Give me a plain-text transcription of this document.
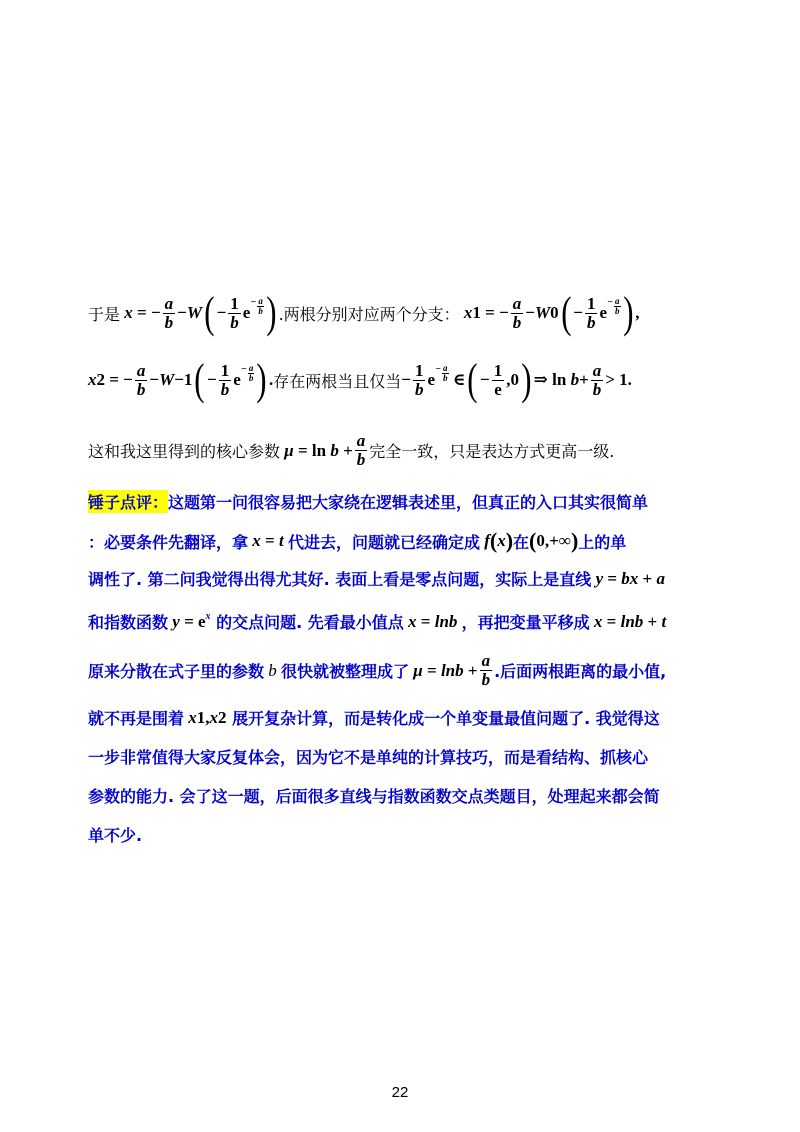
于是 x = − $\frac{a}{b} - W$ ( − $\frac{1}{b}$ e
− a
b ) .两根分别对应两个分支： x 1 = − $\frac{a}{b} - W$ 0 ( − $\frac{1}{b}$ e
− a
b ) ,
x 2 = − $\frac{a}{b} - W -1$ ( − $\frac{1}{b}$ e
− a
b ) . 存在两根当且仅当 − $\frac{1}{b}$ e
− a
b ∈ ( − $\frac{1}{e} ,0$ ) ⇒ $\ln b + \frac{a}{b} > 1$.
这和我这里得到的核心参数 $\mu = \ln b + \frac{a}{b}$ 完全一致，只是表达方式更高一级.
锤子点评： 这题第一问很容易把大家绕在逻辑表述里，但真正的入口其实很简单
：必要条件先翻译，拿 x = t 代进去，问题就已经确定成 f ( x ) 在 ( 0,+∞ ) 上的单
调性了. 第二问我觉得出得尤其好. 表面上看是零点问题，实际上是直线 y = bx + a
和指数函数 y = e x
的交点问题. 先看最小值点 x = lnb ，再把变量平移成 x = lnb + t
原来分散在式子里的参数 b 很快就被整理成了 $\mu = \ln b + \frac{a}{b}$ .后面两根距离的最小值,
就不再是围着 x 1 , x 2
展开复杂计算，而是转化成一个单变量最值问题了. 我觉得这
一步非常值得大家反复体会，因为它不是单纯的计算技巧，而是看结构、抓核心
参数的能力. 会了这一题，后面很多直线与指数函数交点类题目，处理起来都会简
单不少.
22
